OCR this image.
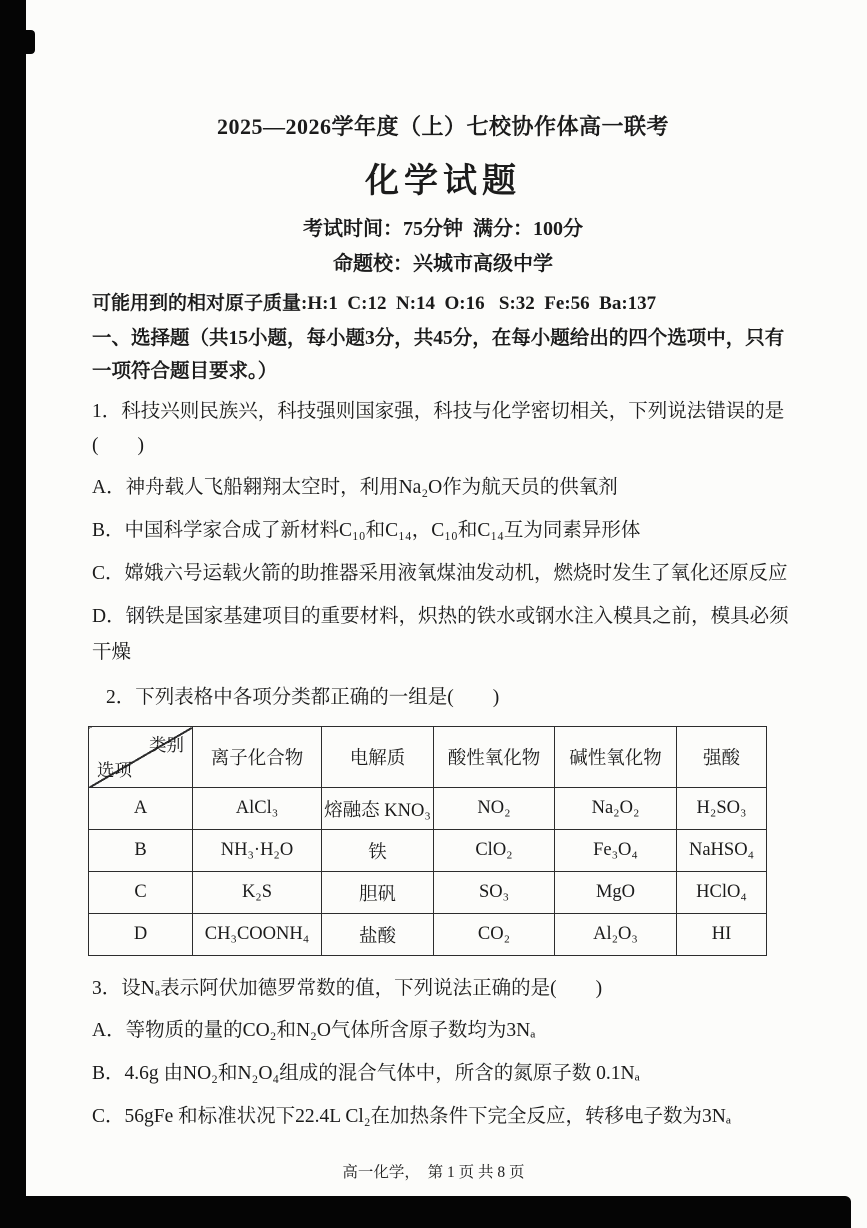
2025—2026学年度（上）七校协作体高一联考
化学试题
考试时间：75分钟  满分：100分
命题校：兴城市高级中学
可能用到的相对原子质量:H:1  C:12  N:14  O:16   S:32  Fe:56  Ba:137
一、选择题（共15小题，每小题3分，共45分，在每小题给出的四个选项中，只有一项符合题目要求。）
1．科技兴则民族兴，科技强则国家强，科技与化学密切相关，下列说法错误的是(　　)
A．神舟载人飞船翱翔太空时，利用Na₂O作为航天员的供氧剂
B．中国科学家合成了新材料C₁₀和C₁₄，C₁₀和C₁₄互为同素异形体
C．嫦娥六号运载火箭的助推器采用液氧煤油发动机，燃烧时发生了氧化还原反应
D．钢铁是国家基建项目的重要材料，炽热的铁水或钢水注入模具之前，模具必须干燥
2．下列表格中各项分类都正确的一组是(　　)
类别
选项	离子化合物	电解质	酸性氧化物	碱性氧化物	强酸
A	AlCl₃	熔融态 KNO₃	NO₂	Na₂O₂	H₂SO₃
B	NH₃·H₂O	铁	ClO₂	Fe₃O₄	NaHSO₄
C	K₂S	胆矾	SO₃	MgO	HClO₄
D	CH₃COONH₄	盐酸	CO₂	Al₂O₃	HI
3．设Nₐ表示阿伏加德罗常数的值，下列说法正确的是(　　)
A．等物质的量的CO₂和N₂O气体所含原子数均为3Nₐ
B．4.6g 由NO₂和N₂O₄组成的混合气体中，所含的氮原子数 0.1Nₐ
C．56gFe 和标准状况下22.4L Cl₂在加热条件下完全反应，转移电子数为3Nₐ
高一化学，　第 1 页 共 8 页
